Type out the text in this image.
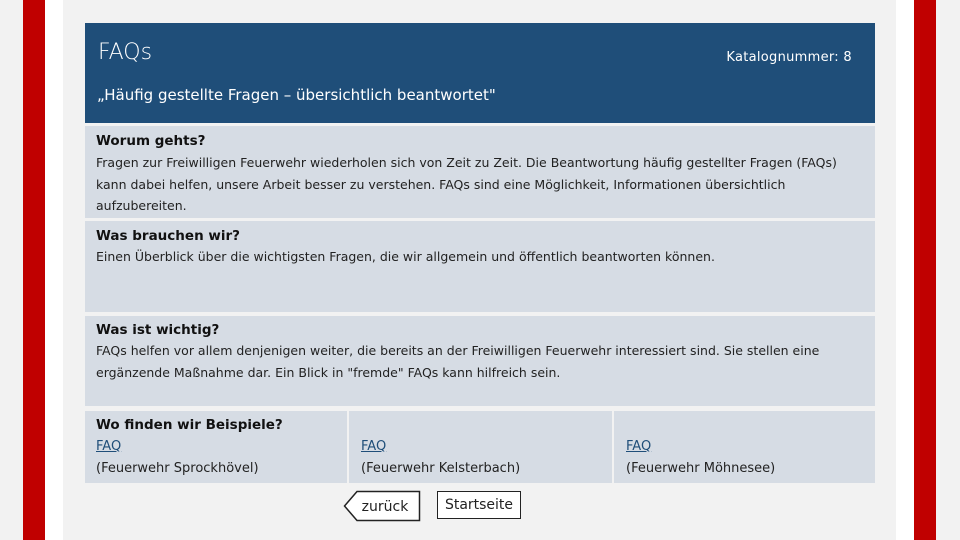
FAQs	Katalognummer: 8
„Häufig gestellte Fragen – übersichtlich beantwortet"
Worum gehts?

Fragen zur Freiwilligen Feuerwehr wiederholen sich von Zeit zu Zeit. Die Beantwortung häufig gestellter Fragen (FAQs) kann dabei helfen, unsere Arbeit besser zu verstehen. FAQs sind eine Möglichkeit, Informationen übersichtlich aufzubereiten.

Was brauchen wir?

Einen Überblick über die wichtigsten Fragen, die wir allgemein und öffentlich beantworten können.

Was ist wichtig?

FAQs helfen vor allem denjenigen weiter, die bereits an der Freiwilligen Feuerwehr interessiert sind. Sie stellen eine ergänzende Maßnahme dar. Ein Blick in "fremde" FAQs kann hilfreich sein.

Wo finden wir Beispiele?
FAQ
(Feuerwehr Sprockhövel)
FAQ
(Feuerwehr Kelsterbach)
FAQ
(Feuerwehr Möhnesee)
zurück	Startseite
